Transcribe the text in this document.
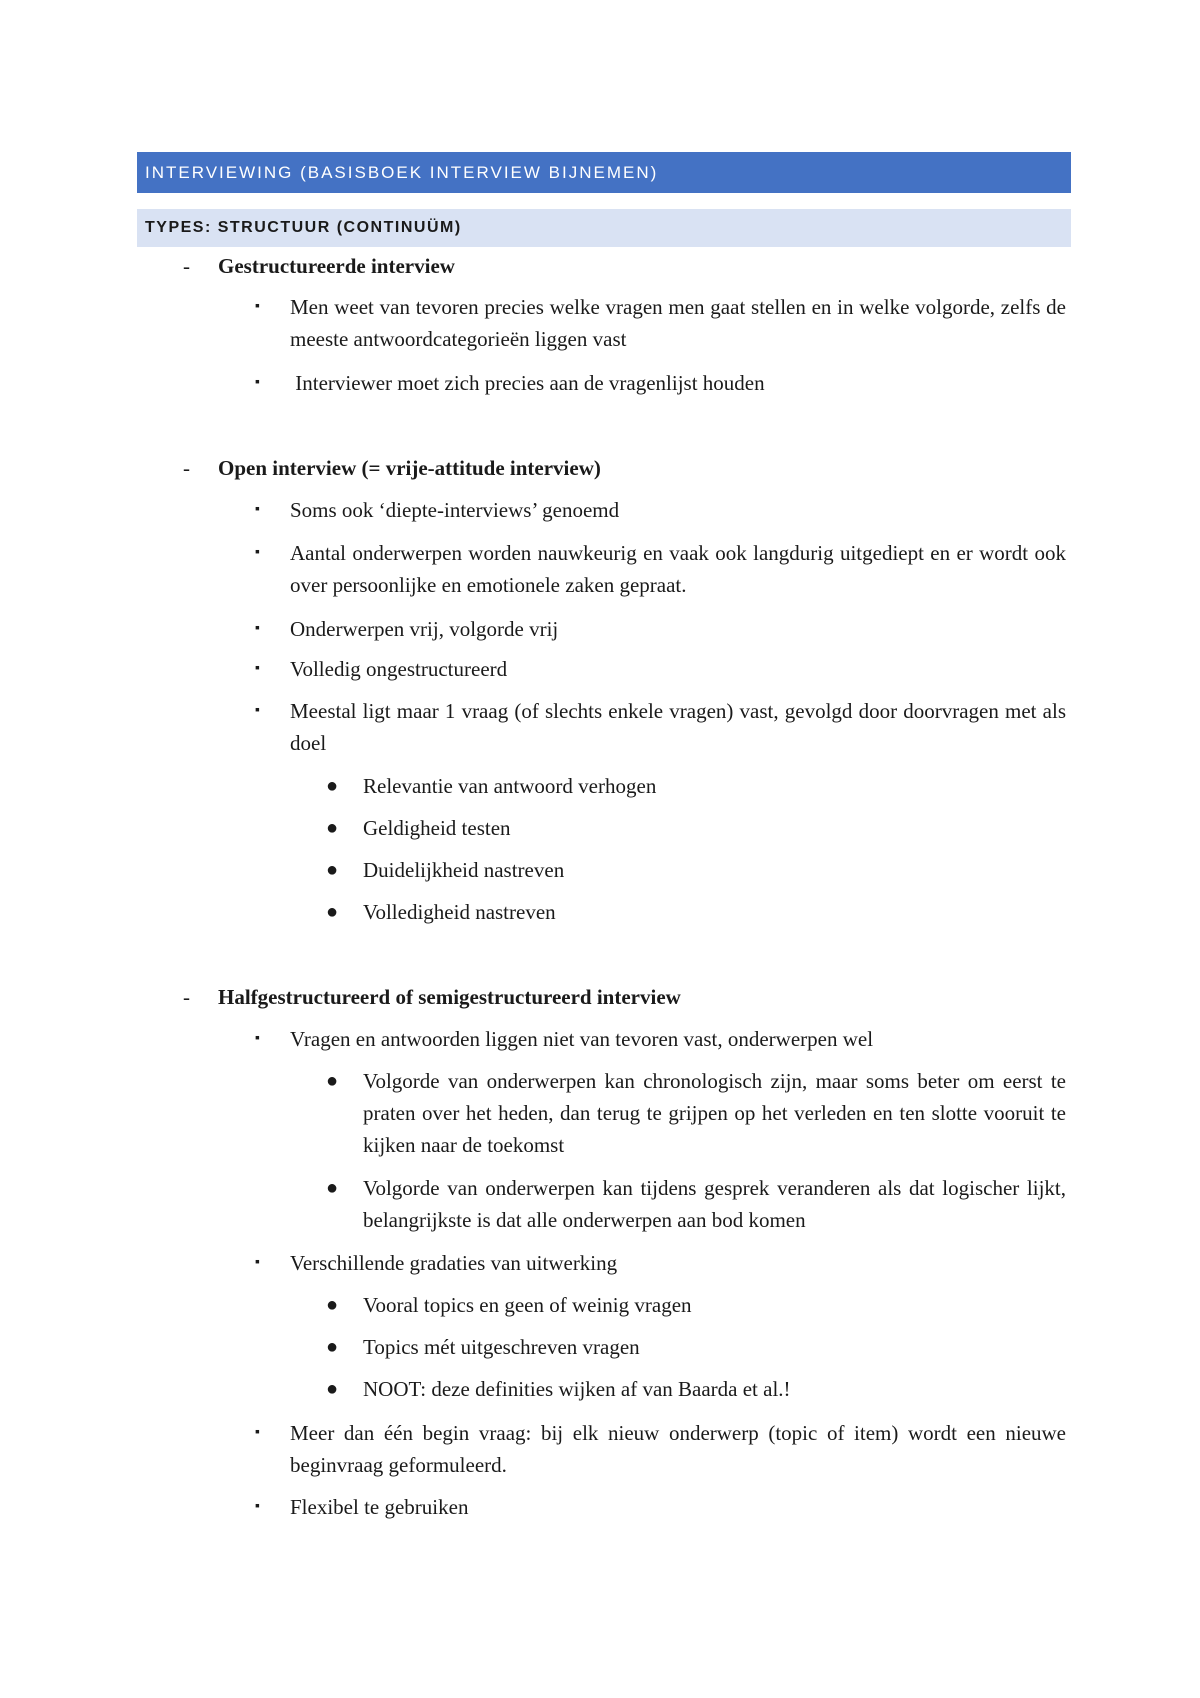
INTERVIEWING (BASISBOEK INTERVIEW BIJNEMEN)
TYPES: STRUCTUUR (CONTINUÜM)
- Gestructureerde interview
▪ Men weet van tevoren precies welke vragen men gaat stellen en in welke volgorde, zelfs de meeste antwoordcategorieën liggen vast
▪ Interviewer moet zich precies aan de vragenlijst houden
- Open interview (= vrije-attitude interview)
▪ Soms ook ‘diepte-interviews’ genoemd
▪ Aantal onderwerpen worden nauwkeurig en vaak ook langdurig uitgediept en er wordt ook over persoonlijke en emotionele zaken gepraat.
▪ Onderwerpen vrij, volgorde vrij
▪ Volledig ongestructureerd
▪ Meestal ligt maar 1 vraag (of slechts enkele vragen) vast, gevolgd door doorvragen met als doel
● Relevantie van antwoord verhogen
● Geldigheid testen
● Duidelijkheid nastreven
● Volledigheid nastreven
- Halfgestructureerd of semigestructureerd interview
▪ Vragen en antwoorden liggen niet van tevoren vast, onderwerpen wel
● Volgorde van onderwerpen kan chronologisch zijn, maar soms beter om eerst te praten over het heden, dan terug te grijpen op het verleden en ten slotte vooruit te kijken naar de toekomst
● Volgorde van onderwerpen kan tijdens gesprek veranderen als dat logischer lijkt, belangrijkste is dat alle onderwerpen aan bod komen
▪ Verschillende gradaties van uitwerking
● Vooral topics en geen of weinig vragen
● Topics mét uitgeschreven vragen
● NOOT: deze definities wijken af van Baarda et al.!
▪ Meer dan één begin vraag: bij elk nieuw onderwerp (topic of item) wordt een nieuwe beginvraag geformuleerd.
▪ Flexibel te gebruiken
